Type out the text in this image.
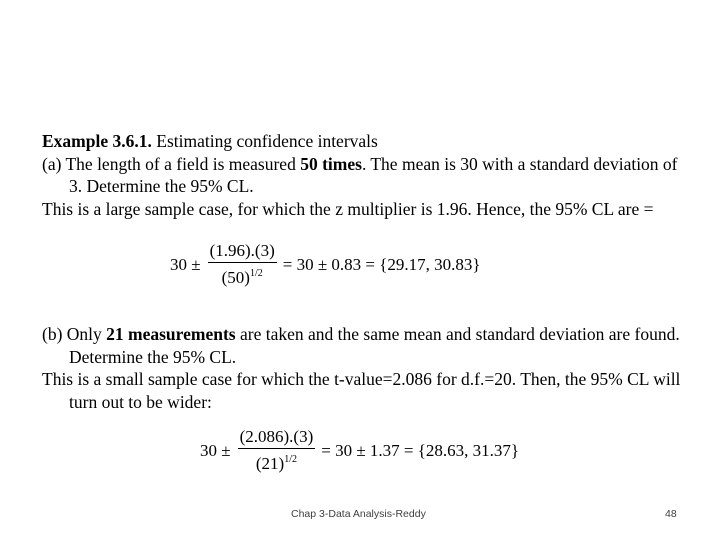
Example 3.6.1. Estimating confidence intervals

(a) The length of a field is measured 50 times. The mean is 30 with a standard deviation of 3. Determine the 95% CL.

This is a large sample case, for which the z multiplier is 1.96. Hence, the 95% CL are =

$30 \pm \frac{(1.96).(3)}{(50)^{1/2}} = 30 \pm 0.83 = \{29.17$, 30.83}

(b) Only 21 measurements are taken and the same mean and standard deviation are found. Determine the 95% CL.

This is a small sample case for which the t-value=2.086 for d.f.=20. Then, the 95% CL will turn out to be wider:

$30 \pm \frac{(2.086).(3)}{(21)^{1/2}} = 30 \pm 1.37 = \{28.63$, 31.37}
Chap 3-Data Analysis-Reddy	48
